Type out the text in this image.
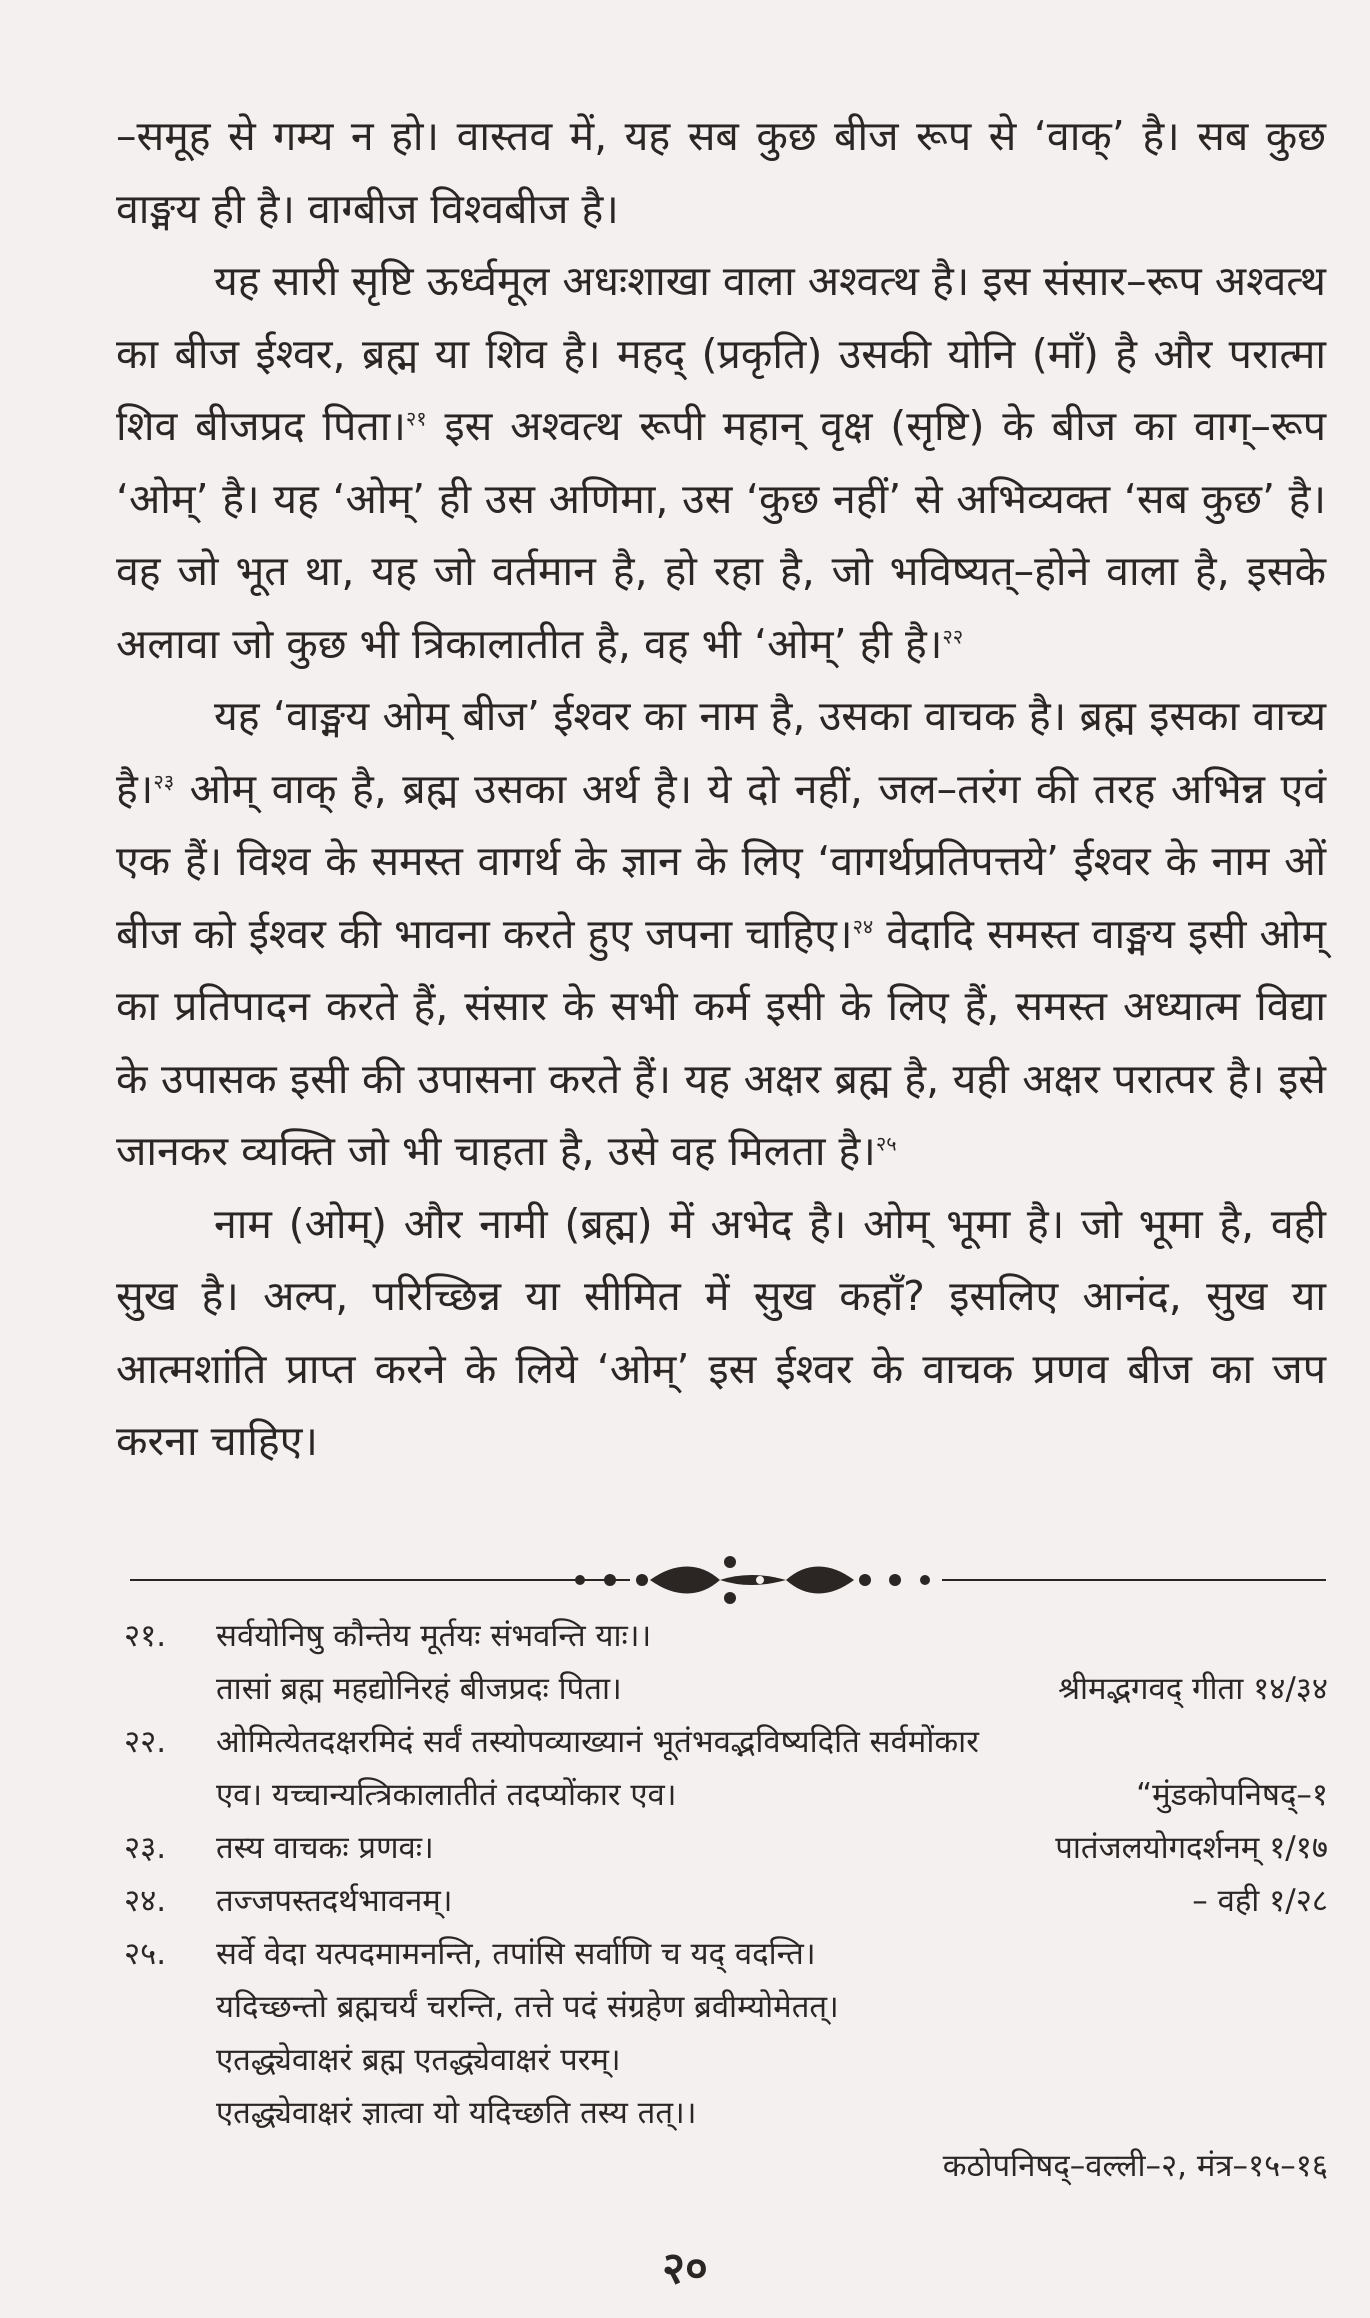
–समूह से गम्य न हो। वास्तव में, यह सब कुछ बीज रूप से ‘वाक्’ है। सब कुछ वाङ्मय ही है। वाग्बीज विश्वबीज है।

यह सारी सृष्टि ऊर्ध्वमूल अधःशाखा वाला अश्वत्थ है। इस संसार–रूप अश्वत्थ का बीज ईश्वर, ब्रह्म या शिव है। महद् (प्रकृति) उसकी योनि (माँ) है और परात्मा शिव बीजप्रद पिता।$^{२१}$ इस अश्वत्थ रूपी महान् वृक्ष (सृष्टि) के बीज का वाग्–रूप ‘ओम्’ है। यह ‘ओम्’ ही उस अणिमा, उस ‘कुछ नहीं’ से अभिव्यक्त ‘सब कुछ’ है। वह जो भूत था, यह जो वर्तमान है, हो रहा है, जो भविष्यत्–होने वाला है, इसके अलावा जो कुछ भी त्रिकालातीत है, वह भी ‘ओम्’ ही है।$^{२२}$

यह ‘वाङ्मय ओम् बीज’ ईश्वर का नाम है, उसका वाचक है। ब्रह्म इसका वाच्य है।$^{२३}$ ओम् वाक् है, ब्रह्म उसका अर्थ है। ये दो नहीं, जल–तरंग की तरह अभिन्न एवं एक हैं। विश्व के समस्त वागर्थ के ज्ञान के लिए ‘वागर्थप्रतिपत्तये’ ईश्वर के नाम ओं बीज को ईश्वर की भावना करते हुए जपना चाहिए।$^{२४}$ वेदादि समस्त वाङ्मय इसी ओम् का प्रतिपादन करते हैं, संसार के सभी कर्म इसी के लिए हैं, समस्त अध्यात्म विद्या के उपासक इसी की उपासना करते हैं। यह अक्षर ब्रह्म है, यही अक्षर परात्पर है। इसे जानकर व्यक्ति जो भी चाहता है, उसे वह मिलता है।$^{२५}$

नाम (ओम्) और नामी (ब्रह्म) में अभेद है। ओम् भूमा है। जो भूमा है, वही सुख है। अल्प, परिच्छिन्न या सीमित में सुख कहाँ? इसलिए आनंद, सुख या आत्मशांति प्राप्त करने के लिये ‘ओम्’ इस ईश्वर के वाचक प्रणव बीज का जप करना चाहिए।

२१.	सर्वयोनिषु कौन्तेय मूर्तयः संभवन्ति याः।।
तासां ब्रह्म महद्योनिरहं बीजप्रदः पिता।	श्रीमद्भगवद् गीता १४/३४
२२.	ओमित्येतदक्षरमिदं सर्वं तस्योपव्याख्यानं भूतंभवद्भविष्यदिति सर्वमोंकार
एव। यच्चान्यत्त्रिकालातीतं तदप्योंकार एव।	“मुंडकोपनिषद्–१
२३.	तस्य वाचकः प्रणवः।	पातंजलयोगदर्शनम् १/१७
२४.	तज्जपस्तदर्थभावनम्।	– वही १/२८
२५.	सर्वे वेदा यत्पदमामनन्ति, तपांसि सर्वाणि च यद् वदन्ति।
यदिच्छन्तो ब्रह्मचर्यं चरन्ति, तत्ते पदं संग्रहेण ब्रवीम्योमेतत्।
एतद्ध्येवाक्षरं ब्रह्म एतद्ध्येवाक्षरं परम्।
एतद्ध्येवाक्षरं ज्ञात्वा यो यदिच्छति तस्य तत्।।
कठोपनिषद्–वल्ली–२, मंत्र–१५–१६
२०
